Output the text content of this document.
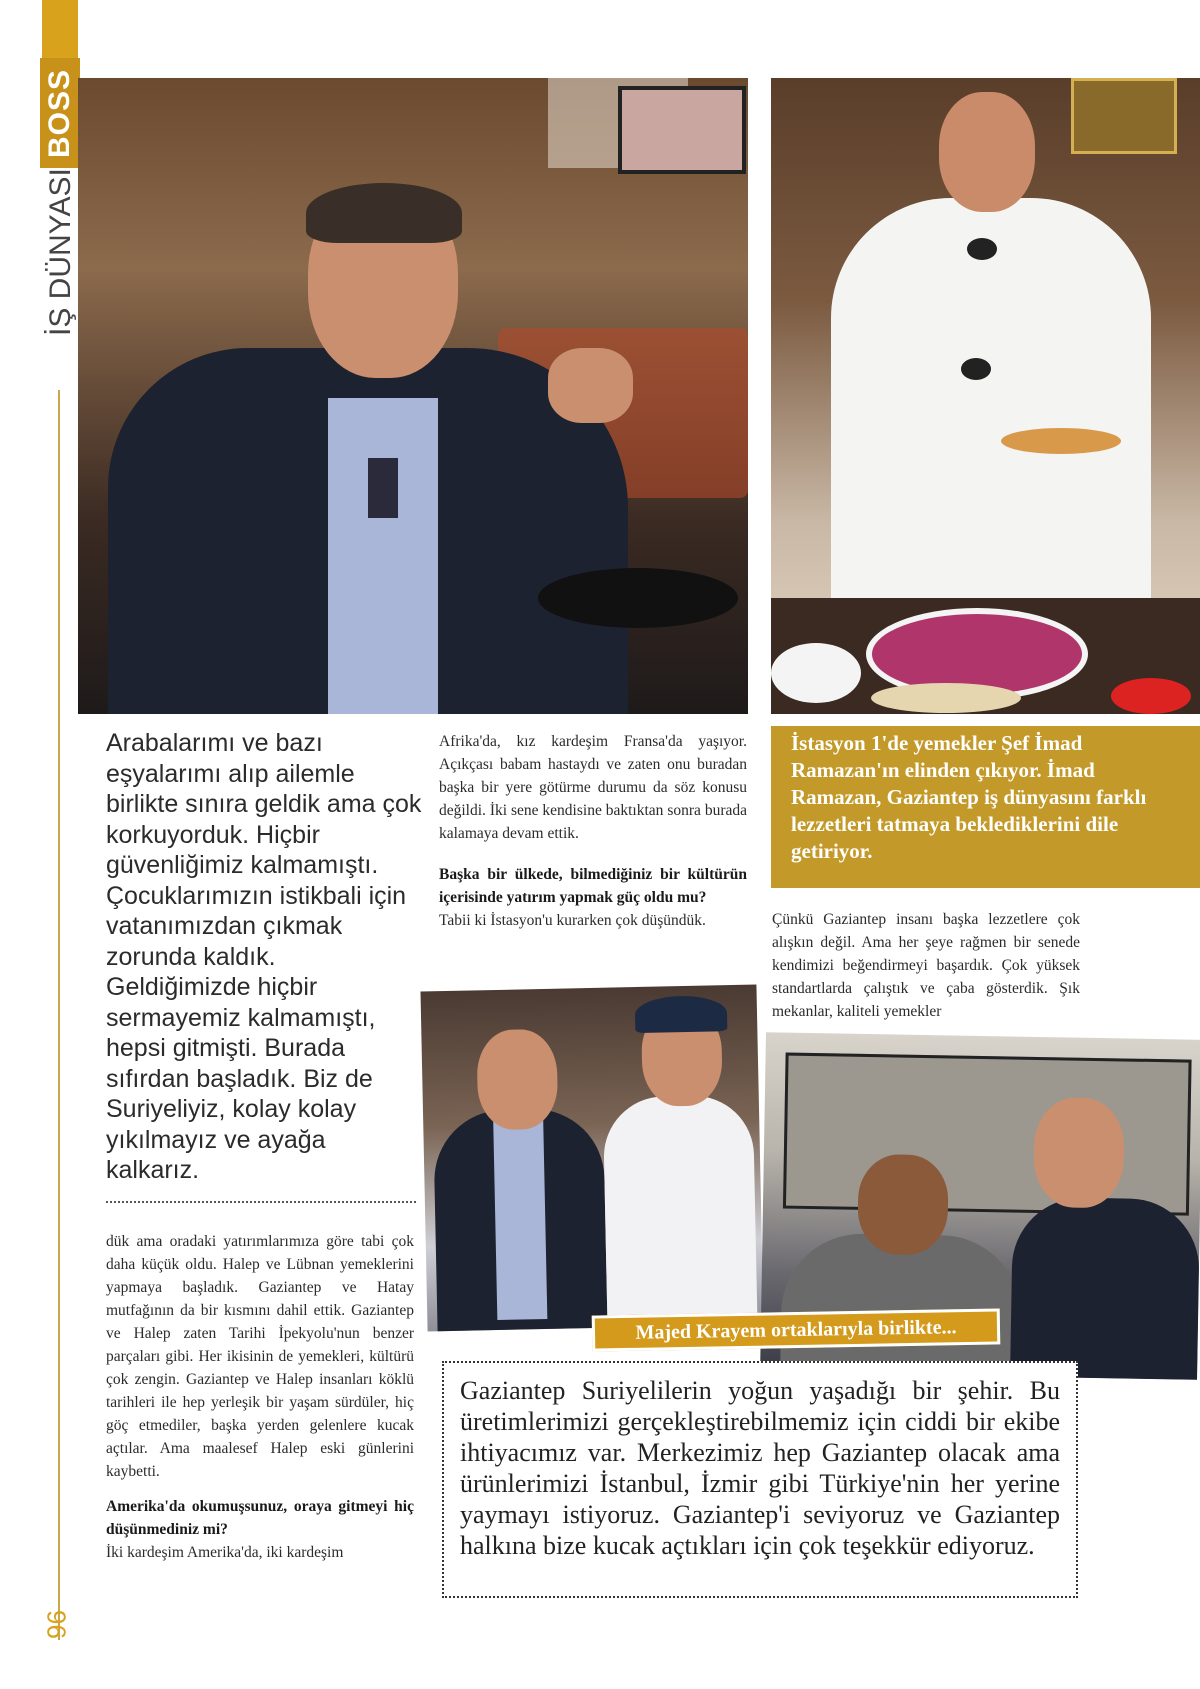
BOSS
İŞ DÜNYASI
96
Arabalarımı ve bazı eşyalarımı alıp ailemle birlikte sınıra geldik ama çok korkuyorduk. Hiçbir güvenliğimiz kalmamıştı. Çocuklarımızın istikbali için vatanımızdan çıkmak zorunda kaldık. Geldiğimizde hiçbir sermayemiz kalmamıştı, hepsi gitmişti. Burada sıfırdan başladık. Biz de Suriyeliyiz, kolay kolay yıkılmayız ve ayağa kalkarız.

dük ama oradaki yatırımlarımıza göre tabi çok daha küçük oldu. Halep ve Lübnan yemeklerini yapmaya başladık. Gaziantep ve Hatay mutfağının da bir kısmını dahil ettik. Gaziantep ve Halep zaten Tarihi İpekyolu'nun benzer parçaları gibi. Her ikisinin de yemekleri, kültürü çok zengin. Gaziantep ve Halep insanları köklü tarihleri ile hep yerleşik bir yaşam sürdüler, hiç göç etmediler, başka yerden gelenlere kucak açtılar. Ama maalesef Halep eski günlerini kaybetti.

Amerika'da okumuşsunuz, oraya gitmeyi hiç düşünmediniz mi?

İki kardeşim Amerika'da, iki kardeşim

Afrika'da, kız kardeşim Fransa'da yaşıyor. Açıkçası babam hastaydı ve zaten onu buradan başka bir yere götürme durumu da söz konusu değildi. İki sene kendisine baktıktan sonra burada kalamaya devam ettik.

Başka bir ülkede, bilmediğiniz bir kültürün içerisinde yatırım yapmak güç oldu mu?

Tabii ki İstasyon'u kurarken çok düşündük.

İstasyon 1'de yemekler Şef İmad Ramazan'ın elinden çıkıyor. İmad Ramazan, Gaziantep iş dünyasını farklı lezzetleri tatmaya beklediklerini dile getiriyor.
Çünkü Gaziantep insanı başka lezzetlere çok alışkın değil. Ama her şeye rağmen bir senede kendimizi beğendirmeyi başardık. Çok yüksek standartlarda çalıştık ve çaba gösterdik. Şık mekanlar, kaliteli yemekler
Majed Krayem ortaklarıyla birlikte...
Gaziantep Suriyelilerin yoğun yaşadığı bir şehir. Bu üretimlerimizi gerçekleştirebilmemiz için ciddi bir ekibe ihtiyacımız var. Merkezimiz hep Gaziantep olacak ama ürünlerimizi İstanbul, İzmir gibi Türkiye'nin her yerine yaymayı istiyoruz. Gaziantep'i seviyoruz ve Gaziantep halkına bize kucak açtıkları için çok teşekkür ediyoruz.
